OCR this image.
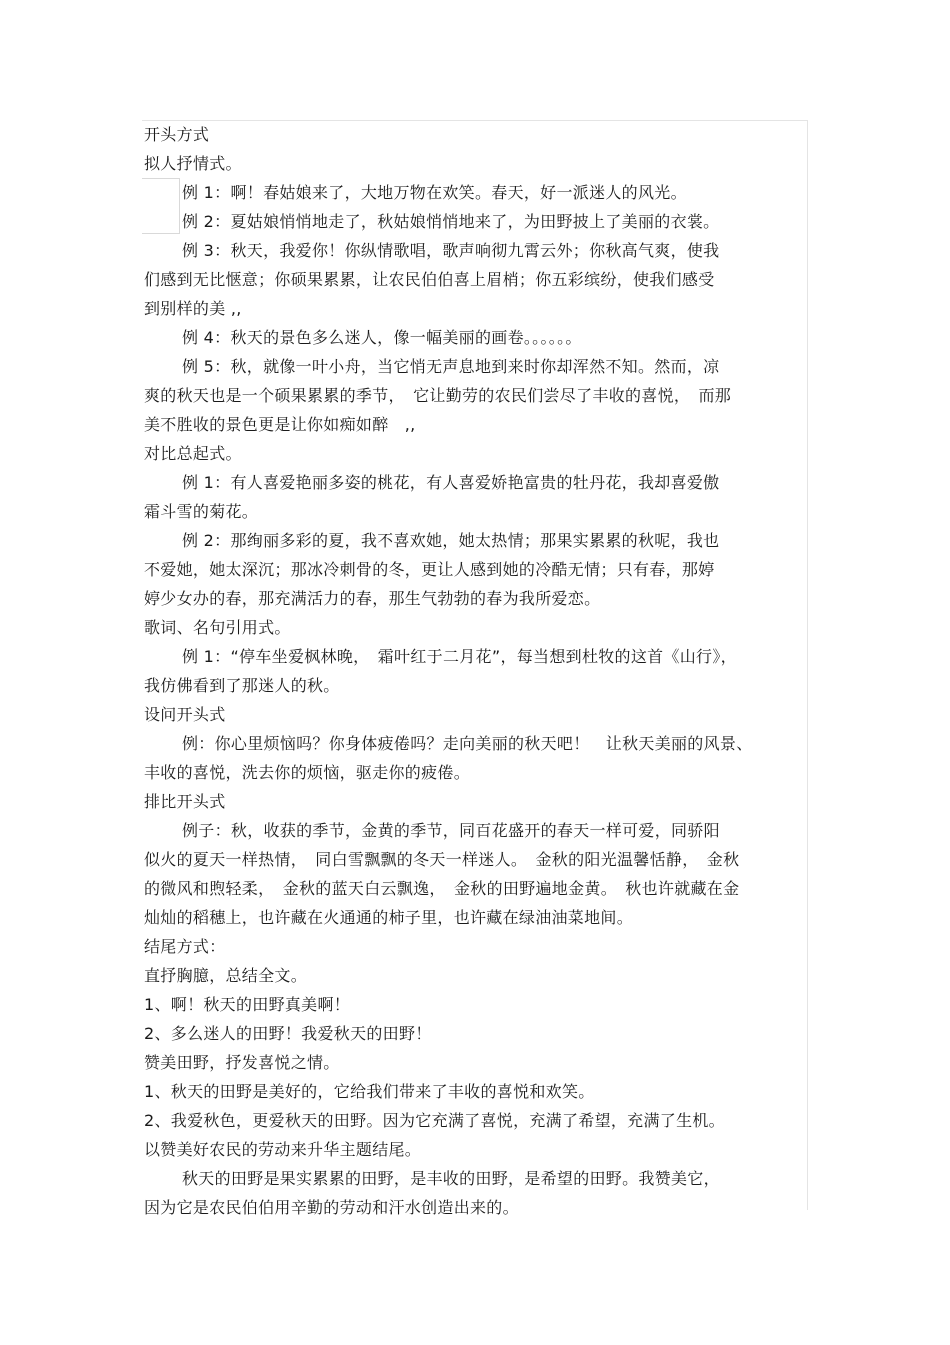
开头方式
拟人抒情式。
例 1：啊！春姑娘来了，大地万物在欢笑。春天，好一派迷人的风光。
例 2：夏姑娘悄悄地走了，秋姑娘悄悄地来了，为田野披上了美丽的衣裳。
例 3：秋天，我爱你！你纵情歌唱，歌声响彻九霄云外；你秋高气爽，使我
们感到无比惬意；你硕果累累，让农民伯伯喜上眉梢；你五彩缤纷，使我们感受
到别样的美 ,,
例 4：秋天的景色多么迷人，像一幅美丽的画卷。。。。。。
例 5：秋，就像一叶小舟，当它悄无声息地到来时你却浑然不知。然而，凉
爽的秋天也是一个硕果累累的季节，　它让勤劳的农民们尝尽了丰收的喜悦，　而那
美不胜收的景色更是让你如痴如醉　,,
对比总起式。
例 1：有人喜爱艳丽多姿的桃花，有人喜爱娇艳富贵的牡丹花，我却喜爱傲
霜斗雪的菊花。
例 2：那绚丽多彩的夏，我不喜欢她，她太热情；那果实累累的秋呢，我也
不爱她，她太深沉；那冰冷刺骨的冬，更让人感到她的冷酷无情；只有春，那婷
婷少女办的春，那充满活力的春，那生气勃勃的春为我所爱恋。
歌词、名句引用式。
例 1：“停车坐爱枫林晚，　霜叶红于二月花”，每当想到杜牧的这首《山行》，
我仿佛看到了那迷人的秋。
设问开头式
例：你心里烦恼吗？你身体疲倦吗？走向美丽的秋天吧！　让秋天美丽的风景、
丰收的喜悦，洗去你的烦恼，驱走你的疲倦。
排比开头式
例子：秋，收获的季节，金黄的季节，同百花盛开的春天一样可爱，同骄阳
似火的夏天一样热情，　同白雪飘飘的冬天一样迷人。　金秋的阳光温馨恬静，　金秋
的微风和煦轻柔，　金秋的蓝天白云飘逸，　金秋的田野遍地金黄。　秋也许就藏在金
灿灿的稻穗上，也许藏在火通通的柿子里，也许藏在绿油油菜地间。
结尾方式：
直抒胸臆，总结全文。
1、啊！秋天的田野真美啊！
2、多么迷人的田野！我爱秋天的田野！
赞美田野，抒发喜悦之情。
1、秋天的田野是美好的，它给我们带来了丰收的喜悦和欢笑。
2、我爱秋色，更爱秋天的田野。因为它充满了喜悦，充满了希望，充满了生机。
以赞美好农民的劳动来升华主题结尾。
秋天的田野是果实累累的田野，是丰收的田野，是希望的田野。我赞美它，
因为它是农民伯伯用辛勤的劳动和汗水创造出来的。
